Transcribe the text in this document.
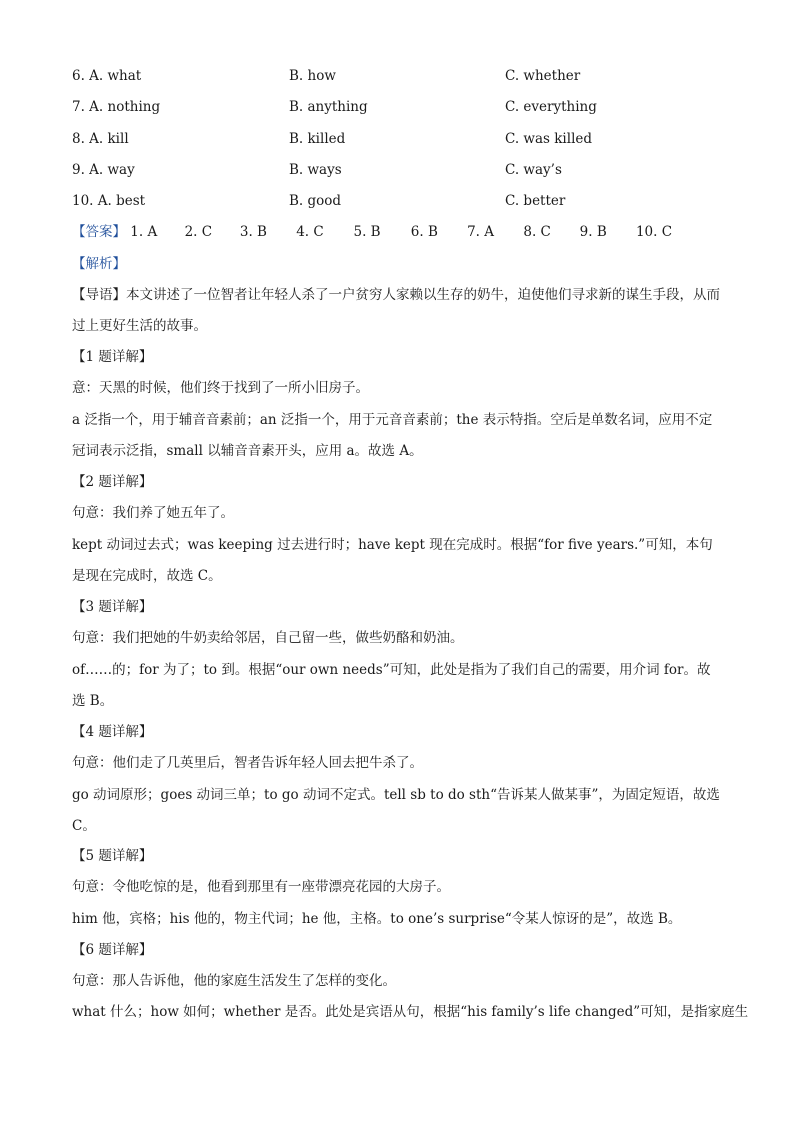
6. A. what	B. how	C. whether
7. A. nothing	B. anything	C. everything
8. A. kill	B. killed	C. was killed
9. A. way	B. ways	C. way’s
10. A. best	B. good	C. better
【答案】 1. A 2. C 3. B 4. C 5. B 6. B 7. A 8. C 9. B 10. C
【解析】
【导语】本文讲述了一位智者让年轻人杀了一户贫穷人家赖以生存的奶牛，迫使他们寻求新的谋生手段，从而过上更好生活的故事。
【1 题详解】
意：天黑的时候，他们终于找到了一所小旧房子。
a 泛指一个，用于辅音音素前；an 泛指一个，用于元音音素前；the 表示特指。空后是单数名词，应用不定冠词表示泛指，small 以辅音音素开头，应用 a。故选 A。
【2 题详解】
句意：我们养了她五年了。
kept 动词过去式；was keeping 过去进行时；have kept 现在完成时。根据“for five years.”可知，本句是现在完成时，故选 C。
【3 题详解】
句意：我们把她的牛奶卖给邻居，自己留一些，做些奶酪和奶油。
of……的；for 为了；to 到。根据“our own needs”可知，此处是指为了我们自己的需要，用介词 for。故选 B。
【4 题详解】
句意：他们走了几英里后，智者告诉年轻人回去把牛杀了。
go 动词原形；goes 动词三单；to go 动词不定式。tell sb to do sth“告诉某人做某事”，为固定短语，故选 C。
【5 题详解】
句意：令他吃惊的是，他看到那里有一座带漂亮花园的大房子。
him 他，宾格；his 他的，物主代词；he 他，主格。to one’s surprise“令某人惊讶的是”，故选 B。
【6 题详解】
句意：那人告诉他，他的家庭生活发生了怎样的变化。
what 什么；how 如何；whether 是否。此处是宾语从句，根据“his family’s life changed”可知，是指家庭生
